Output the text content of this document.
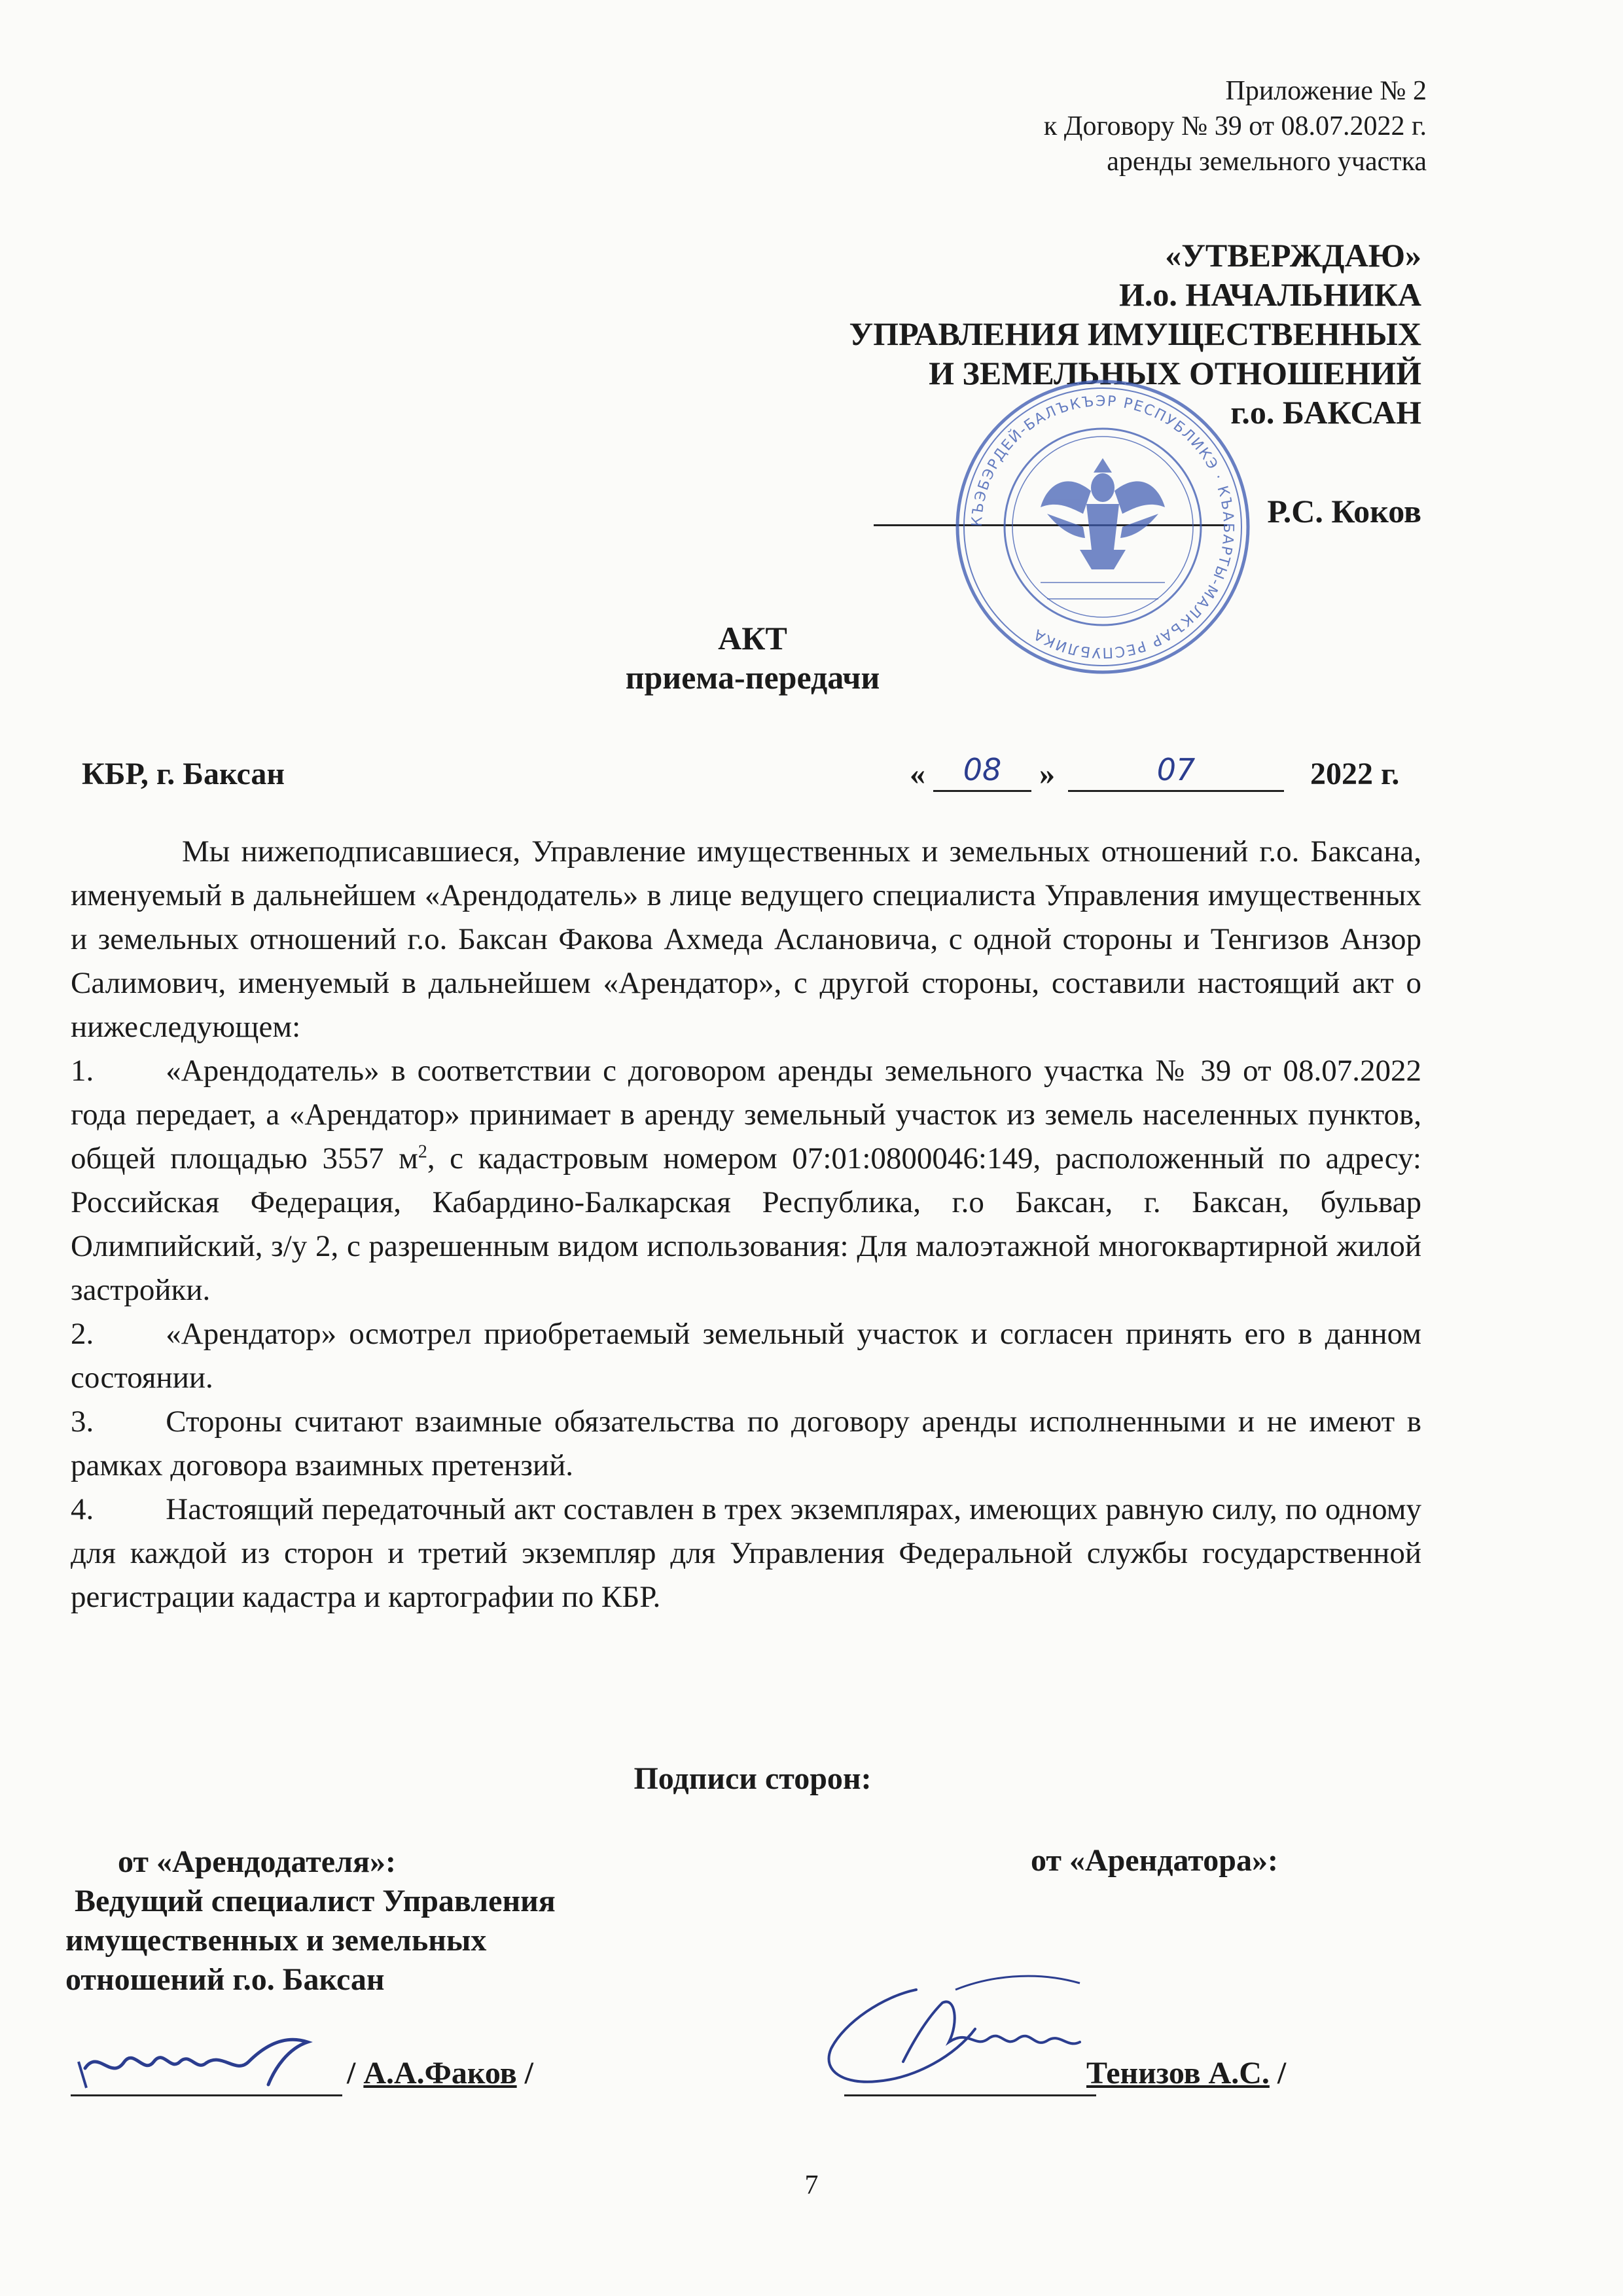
Приложение № 2
к Договору № 39 от 08.07.2022 г.
аренды земельного участка
«УТВЕРЖДАЮ»
И.о. НАЧАЛЬНИКА
УПРАВЛЕНИЯ ИМУЩЕСТВЕННЫХ
И ЗЕМЕЛЬНЫХ ОТНОШЕНИЙ
г.о. БАКСАН
Р.С. Коков
КЪЭБЭРДЕЙ-БАЛЪКЪЭР РЕСПУБЛИКЭ · КЪАБАРТЫ-МАЛКЪАР РЕСПУБЛИКА
АКТ
приема-передачи
КБР, г. Баксан	«	08	»	07	2022 г.

Мы нижеподписавшиеся, Управление имущественных и земельных отношений г.о. Баксана, именуемый в дальнейшем «Арендодатель» в лице ведущего специалиста Управления имущественных и земельных отношений г.о. Баксан Факова Ахмеда Аслановича, с одной стороны и Тенгизов Анзор Салимович, именуемый в дальнейшем «Арендатор», с другой стороны, составили настоящий акт о нижеследующем:

1. «Арендодатель» в соответствии с договором аренды земельного участка № 39 от 08.07.2022 года передает, а «Арендатор» принимает в аренду земельный участок из земель населенных пунктов, общей площадью 3557 $м^2$, с кадастровым номером 07:01:0800046:149, расположенный по адресу: Российская Федерация, Кабардино-Балкарская Республика, г.о Баксан, г. Баксан, бульвар Олимпийский, з/у 2, с разрешенным видом использования: Для малоэтажной многоквартирной жилой застройки.
2. «Арендатор» осмотрел приобретаемый земельный участок и согласен принять его в данном состоянии.
3. Стороны считают взаимные обязательства по договору аренды исполненными и не имеют в рамках договора взаимных претензий.
4. Настоящий передаточный акт составлен в трех экземплярах, имеющих равную силу, по одному для каждой из сторон и третий экземпляр для Управления Федеральной службы государственной регистрации кадастра и картографии по КБР.
Подписи сторон:
от «Арендодателя»:
Ведущий специалист Управления
имущественных и земельных
отношений г.о. Баксан
от «Арендатора»:
/ А.А.Факов /	Тенизов А.С. /
7
